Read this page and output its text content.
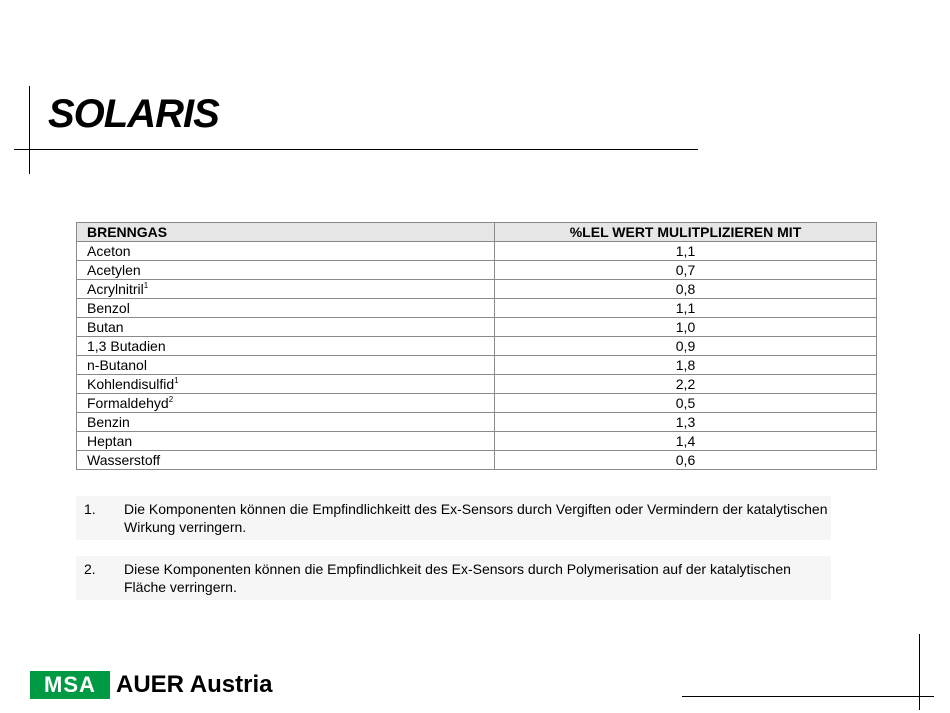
SOLARIS
BRENNGAS	%LEL WERT MULITPLIZIEREN MIT
Aceton	1,1
Acetylen	0,7
Acrylnitril$^1$	0,8
Benzol	1,1
Butan	1,0
1,3 Butadien	0,9
n-Butanol	1,8
Kohlendisulfid$^1$	2,2
Formaldehyd$^2$	0,5
Benzin	1,3
Heptan	1,4
Wasserstoff	0,6
1.	Die Komponenten können die Empfindlichkeitt des Ex-Sensors durch Vergiften oder Vermindern der katalytischen Wirkung verringern.
2.	Diese Komponenten können die Empfindlichkeit des Ex-Sensors durch Polymerisation auf der katalytischen Fläche verringern.
MSA AUER Austria
